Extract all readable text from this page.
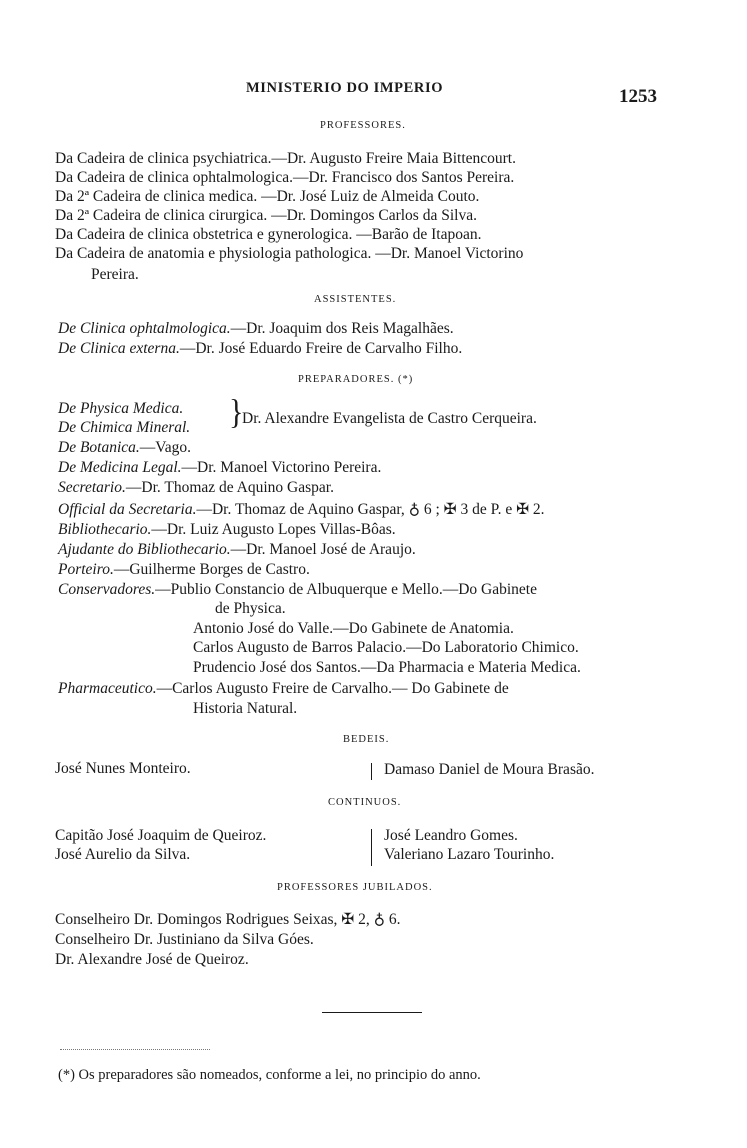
MINISTERIO DO IMPERIO	1253
PROFESSORES.
Da Cadeira de clinica psychiatrica.—Dr. Augusto Freire Maia Bittencourt.
Da Cadeira de clinica ophtalmologica.—Dr. Francisco dos Santos Pereira.
Da 2ª Cadeira de clinica medica. —Dr. José Luiz de Almeida Couto.
Da 2ª Cadeira de clinica cirurgica. —Dr. Domingos Carlos da Silva.
Da Cadeira de clinica obstetrica e gynerologica. —Barão de Itapoan.
Da Cadeira de anatomia e physiologia pathologica. —Dr. Manoel Victorino
Pereira.
ASSISTENTES.
De Clinica ophtalmologica.—Dr. Joaquim dos Reis Magalhães.
De Clinica externa.—Dr. José Eduardo Freire de Carvalho Filho.
PREPARADORES. (*)
De Physica Medica.
De Chimica Mineral. }
Dr. Alexandre Evangelista de Castro Cerqueira.
De Botanica.—Vago.
De Medicina Legal.—Dr. Manoel Victorino Pereira.
Secretario.—Dr. Thomaz de Aquino Gaspar.
Official da Secretaria.—Dr. Thomaz de Aquino Gaspar, ♁ 6 ; ✠ 3 de P. e ✠ 2.
Bibliothecario.—Dr. Luiz Augusto Lopes Villas-Bôas.
Ajudante do Bibliothecario.—Dr. Manoel José de Araujo.
Porteiro.—Guilherme Borges de Castro.
Conservadores.—Publio Constancio de Albuquerque e Mello.—Do Gabinete
de Physica.
Antonio José do Valle.—Do Gabinete de Anatomia.
Carlos Augusto de Barros Palacio.—Do Laboratorio Chimico.
Prudencio José dos Santos.—Da Pharmacia e Materia Medica.
Pharmaceutico.—Carlos Augusto Freire de Carvalho.— Do Gabinete de
Historia Natural.
BEDEIS.
José Nunes Monteiro.	Damaso Daniel de Moura Brasão.
CONTINUOS.
Capitão José Joaquim de Queiroz.
José Aurelio da Silva.
José Leandro Gomes.
Valeriano Lazaro Tourinho.
PROFESSORES JUBILADOS.
Conselheiro Dr. Domingos Rodrigues Seixas, ✠ 2, ♁ 6.
Conselheiro Dr. Justiniano da Silva Góes.
Dr. Alexandre José de Queiroz.
(*) Os preparadores são nomeados, conforme a lei, no principio do anno.
